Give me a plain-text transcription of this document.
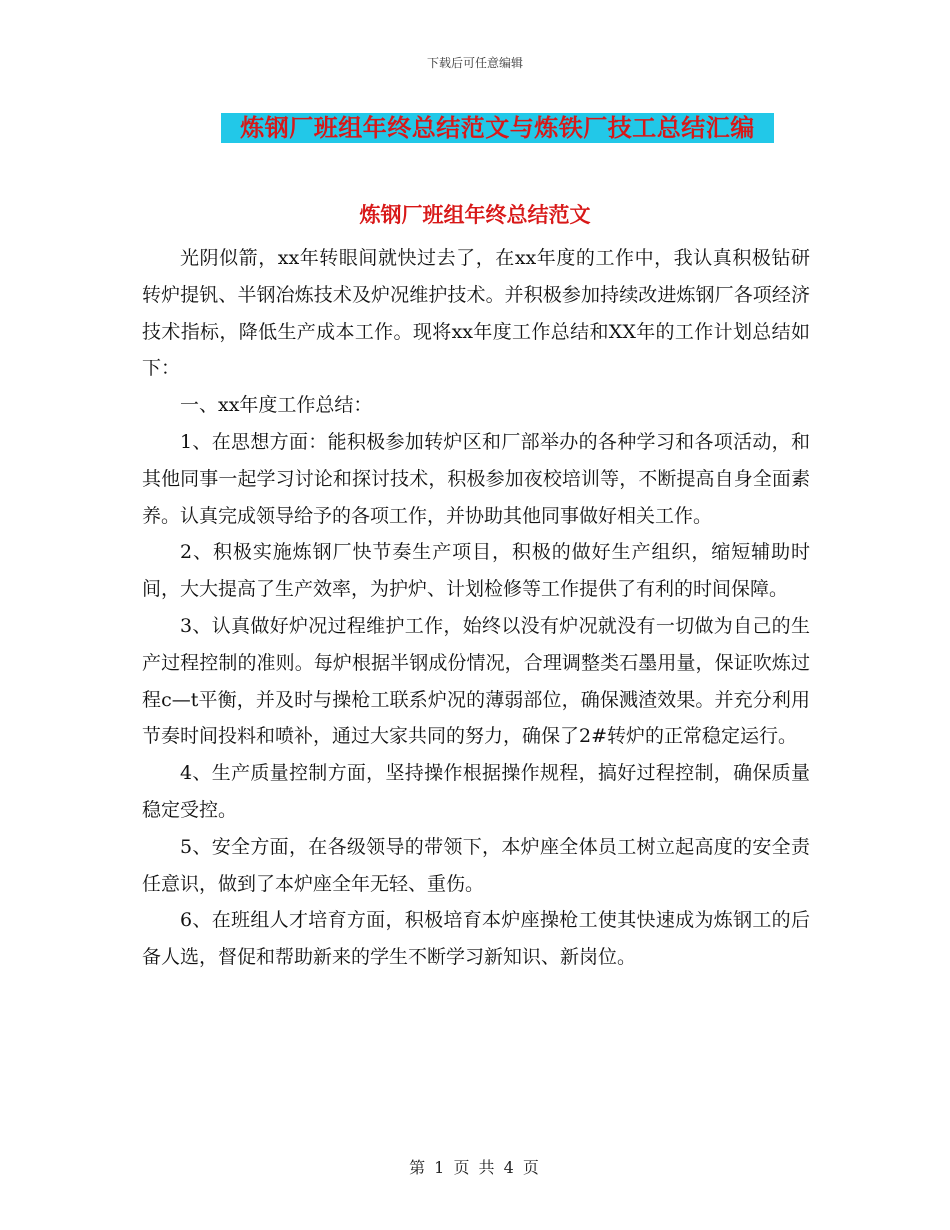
下载后可任意编辑
炼钢厂班组年终总结范文与炼铁厂技工总结汇编
炼钢厂班组年终总结范文

光阴似箭，xx年转眼间就快过去了，在xx年度的工作中，我认真积极钻研转炉提钒、半钢冶炼技术及炉况维护技术。并积极参加持续改进炼钢厂各项经济技术指标，降低生产成本工作。现将xx年度工作总结和XX年的工作计划总结如下：

一、xx年度工作总结：

1、在思想方面：能积极参加转炉区和厂部举办的各种学习和各项活动，和其他同事一起学习讨论和探讨技术，积极参加夜校培训等，不断提高自身全面素养。认真完成领导给予的各项工作，并协助其他同事做好相关工作。

2、积极实施炼钢厂快节奏生产项目，积极的做好生产组织，缩短辅助时间，大大提高了生产效率，为护炉、计划检修等工作提供了有利的时间保障。

3、认真做好炉况过程维护工作，始终以没有炉况就没有一切做为自己的生产过程控制的准则。每炉根据半钢成份情况，合理调整类石墨用量，保证吹炼过程c—t平衡，并及时与操枪工联系炉况的薄弱部位，确保溅渣效果。并充分利用节奏时间投料和喷补，通过大家共同的努力，确保了2#转炉的正常稳定运行。

4、生产质量控制方面，坚持操作根据操作规程，搞好过程控制，确保质量稳定受控。

5、安全方面，在各级领导的带领下，本炉座全体员工树立起高度的安全责任意识，做到了本炉座全年无轻、重伤。

6、在班组人才培育方面，积极培育本炉座操枪工使其快速成为炼钢工的后备人选，督促和帮助新来的学生不断学习新知识、新岗位。

第 1 页 共 4 页
